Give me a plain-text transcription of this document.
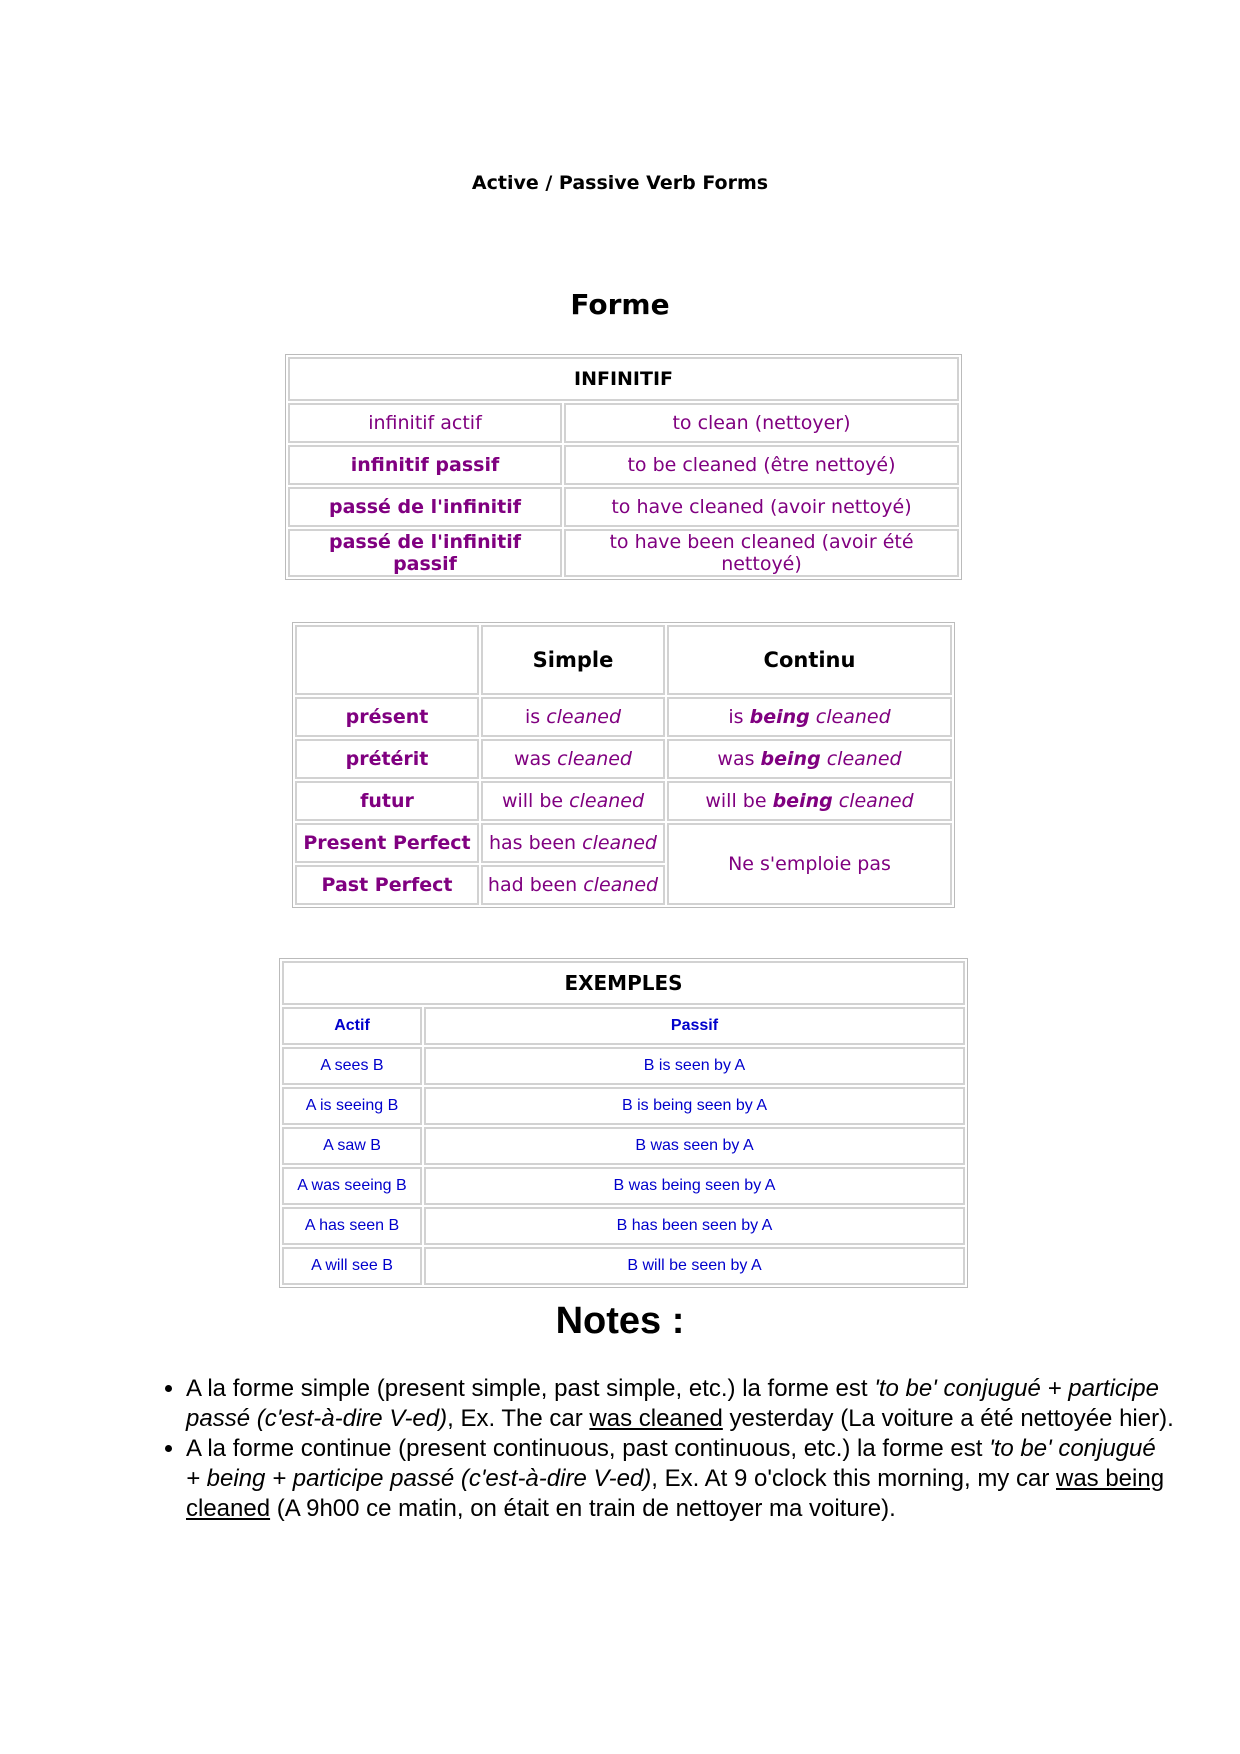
Active / Passive Verb Forms
Forme
INFINITIF	
infinitif actif	to clean (nettoyer)
infinitif passif	to be cleaned (être nettoyé)
passé de l'infinitif	to have cleaned (avoir nettoyé)
passé de l'infinitif passif	to have been cleaned (avoir été nettoyé)
	Simple	Continu
présent	is cleaned	is being cleaned
prétérit	was cleaned	was being cleaned
futur	will be cleaned	will be being cleaned
Present Perfect	has been cleaned	Ne s'emploie pas
Past Perfect	had been cleaned	
EXEMPLES	
Actif	Passif
A sees B	B is seen by A
A is seeing B	B is being seen by A
A saw B	B was seen by A
A was seeing B	B was being seen by A
A has seen B	B has been seen by A
A will see B	B will be seen by A
Notes :
• A la forme simple (present simple, past simple, etc.) la forme est 'to be' conjugué + participe passé (c'est-à-dire V-ed), Ex. The car was cleaned yesterday (La voiture a été nettoyée hier).
• A la forme continue (present continuous, past continuous, etc.) la forme est 'to be' conjugué + being + participe passé (c'est-à-dire V-ed), Ex. At 9 o'clock this morning, my car was being cleaned (A 9h00 ce matin, on était en train de nettoyer ma voiture).
